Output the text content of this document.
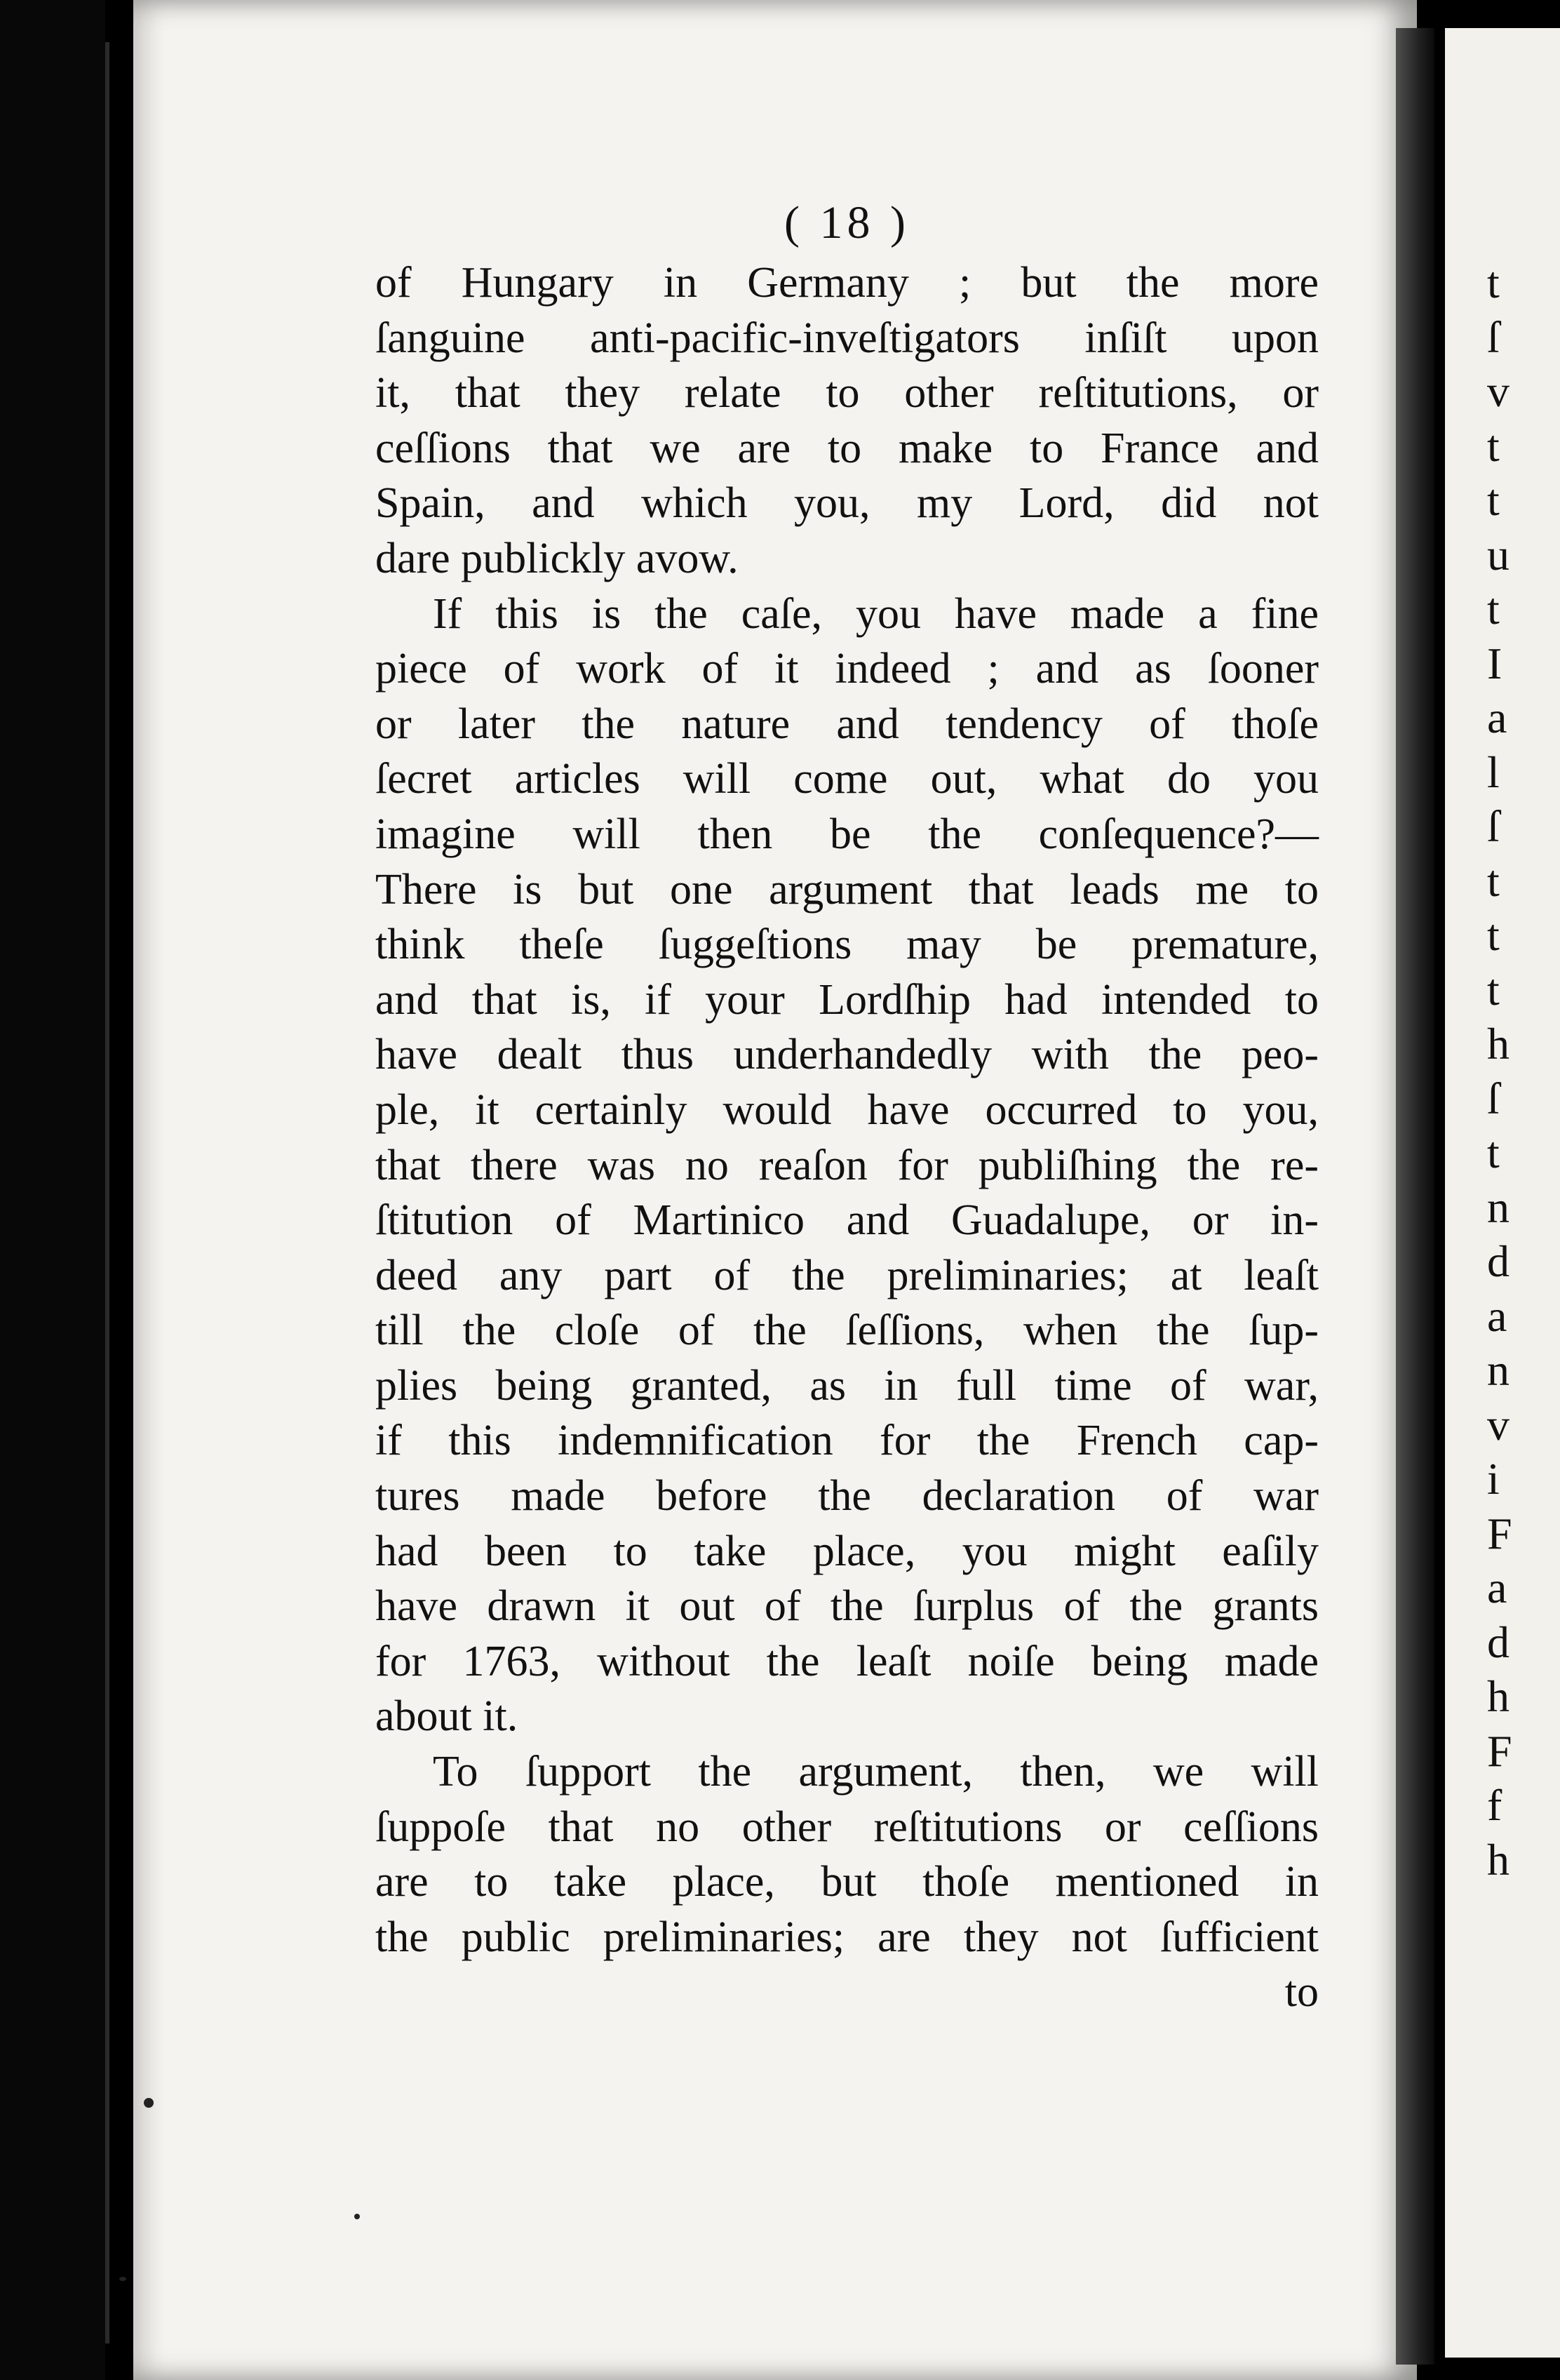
t
ſ
v
t
t
u
t
I
a
l
ſ
t
t
t
h
ſ
t
n
d
a
n
v
i
F
a
d
h
F
f
h
( 18 )
of Hungary in Germany ; but the more
ſanguine anti-pacific-inveſtigators inſiſt upon
it, that they relate to other reſtitutions, or
ceſſions that we are to make to France and
Spain, and which you, my Lord, did not
dare publickly avow.
If this is the caſe, you have made a fine
piece of work of it indeed ; and as ſooner
or later the nature and tendency of thoſe
ſecret articles will come out, what do you
imagine will then be the conſequence?—
There is but one argument that leads me to
think theſe ſuggeſtions may be premature,
and that is, if your Lordſhip had intended to
have dealt thus underhandedly with the peo-
ple, it certainly would have occurred to you,
that there was no reaſon for publiſhing the re-
ſtitution of Martinico and Guadalupe, or in-
deed any part of the preliminaries; at leaſt
till the cloſe of the ſeſſions, when the ſup-
plies being granted, as in full time of war,
if this indemnification for the French cap-
tures made before the declaration of war
had been to take place, you might eaſily
have drawn it out of the ſurplus of the grants
for 1763, without the leaſt noiſe being made
about it.
To ſupport the argument, then, we will
ſuppoſe that no other reſtitutions or ceſſions
are to take place, but thoſe mentioned in
the public preliminaries; are they not ſufficient
to
